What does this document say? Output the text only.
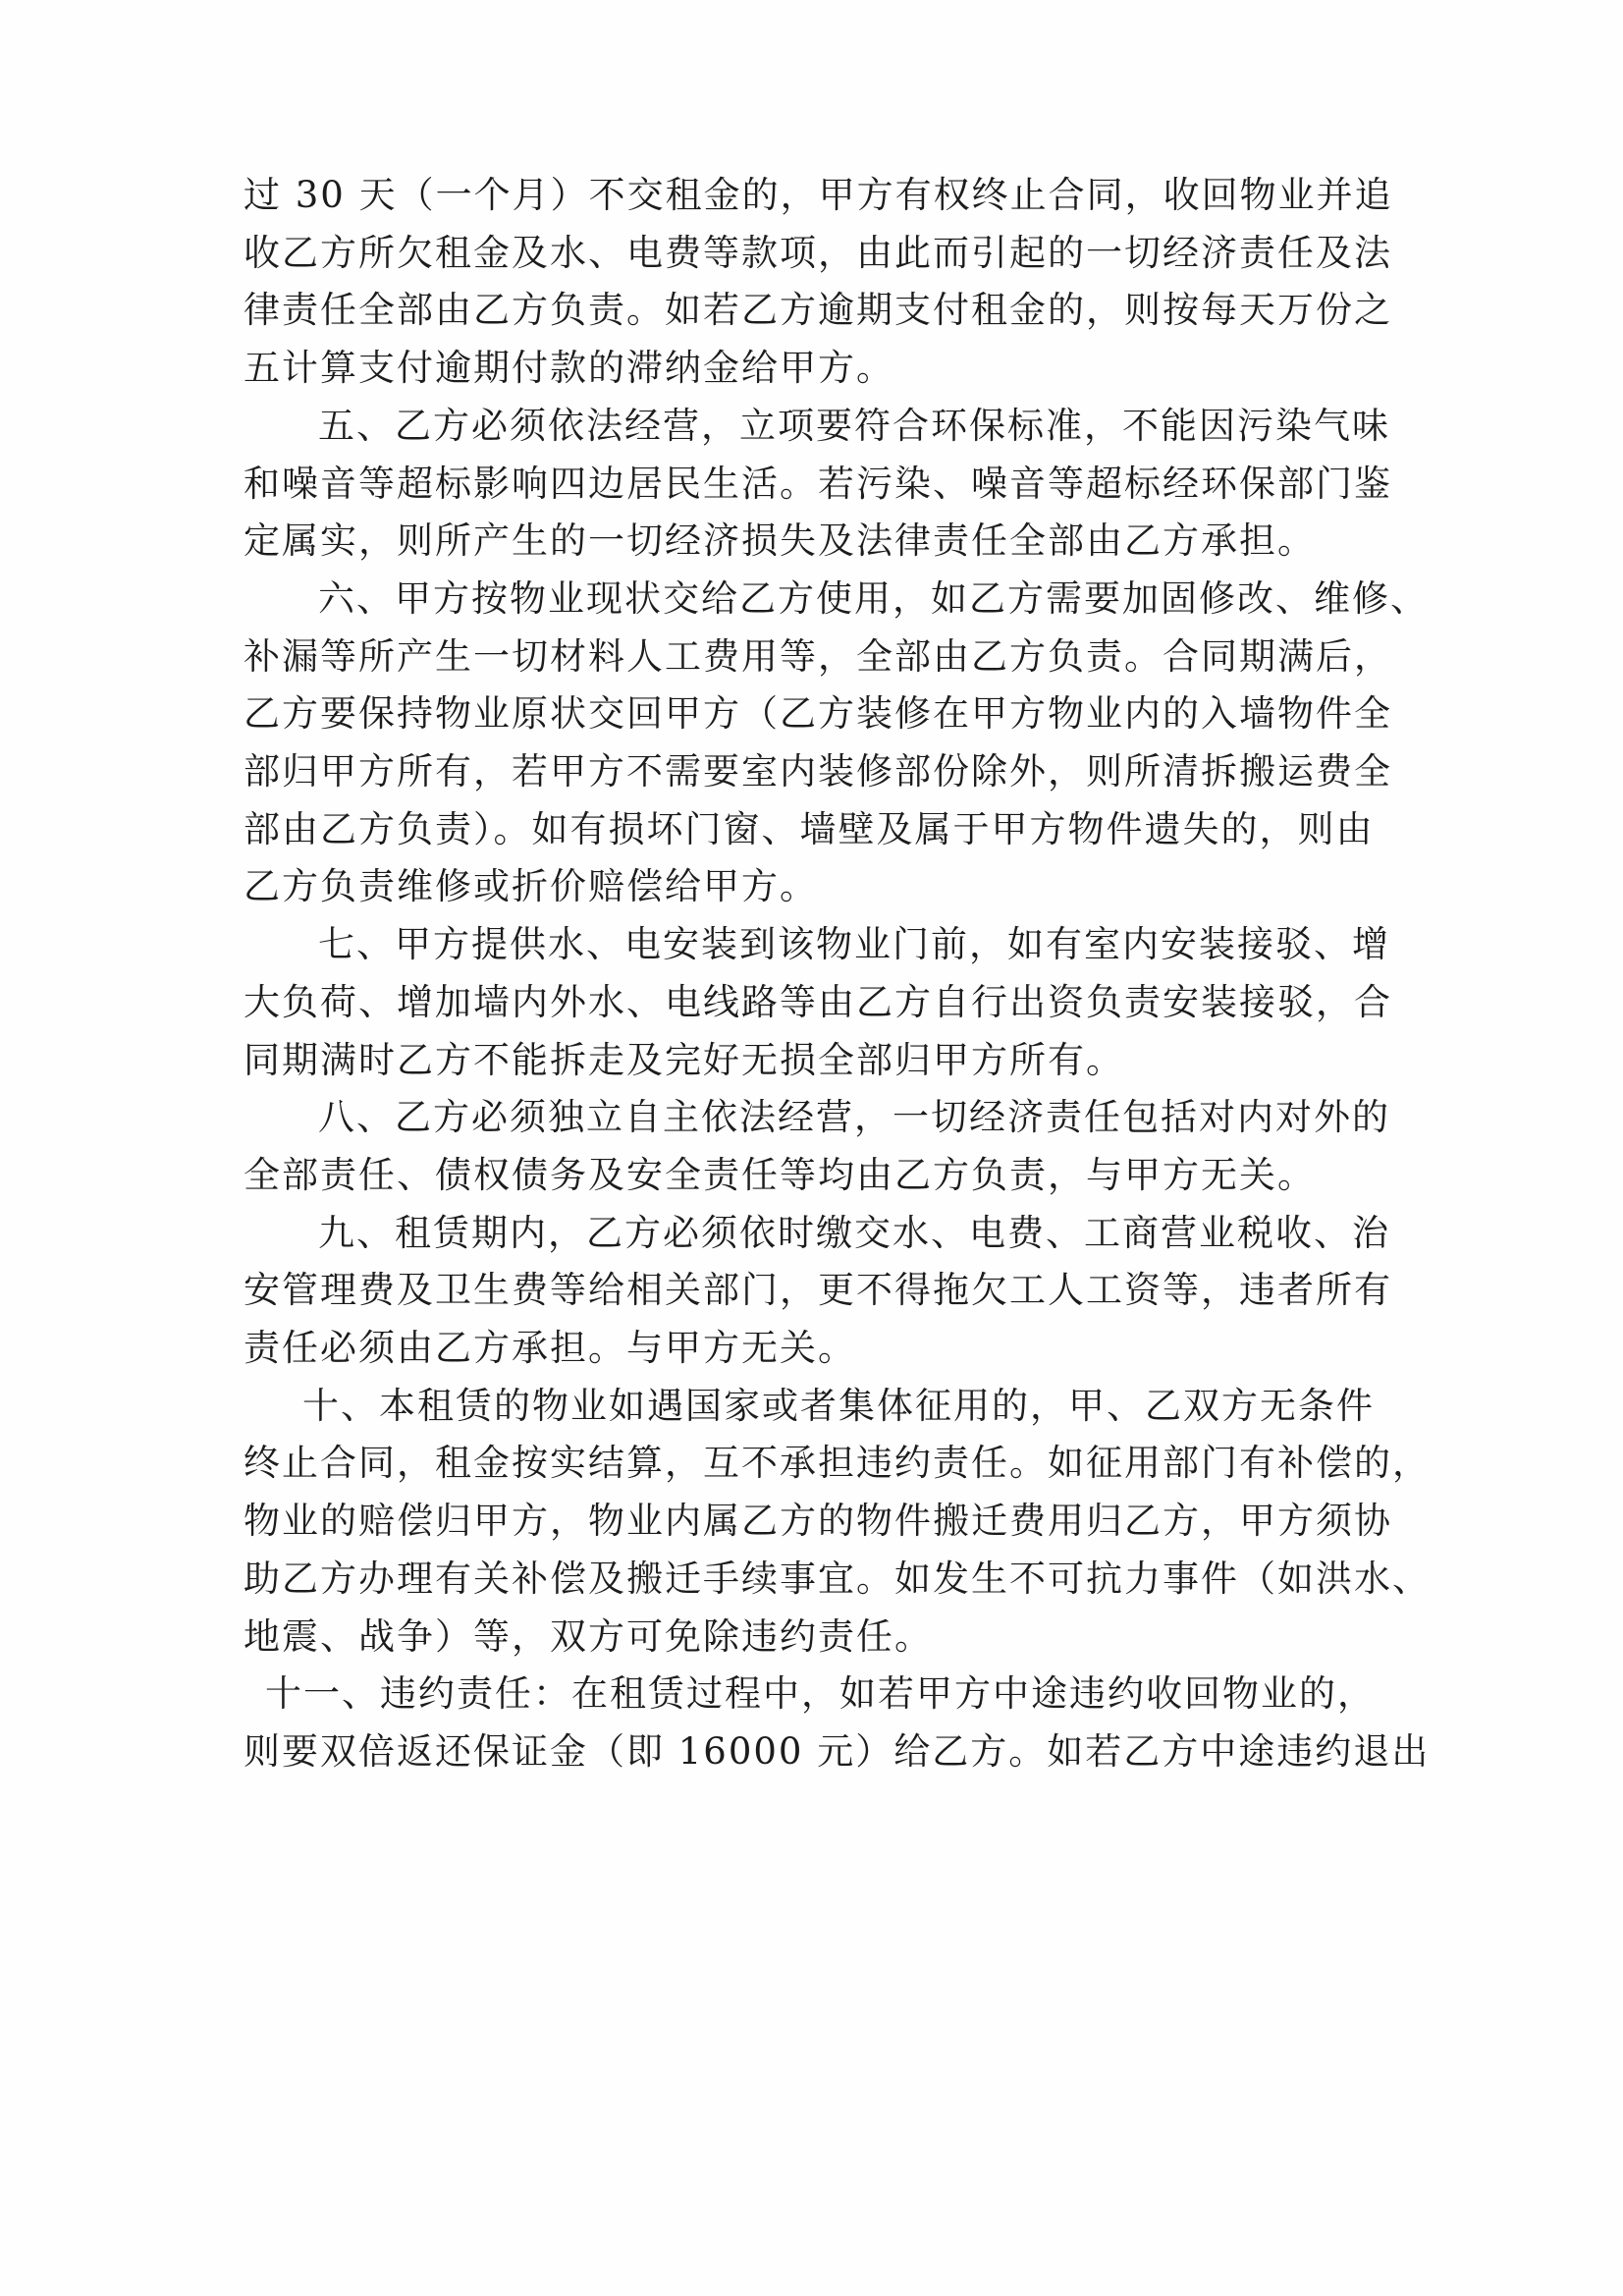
过 30 天（一个月）不交租金的，甲方有权终止合同，收回物业并追
收乙方所欠租金及水、电费等款项，由此而引起的一切经济责任及法
律责任全部由乙方负责。如若乙方逾期支付租金的，则按每天万份之
五计算支付逾期付款的滞纳金给甲方。

五、乙方必须依法经营，立项要符合环保标准，不能因污染气味
和噪音等超标影响四边居民生活。若污染、噪音等超标经环保部门鉴
定属实，则所产生的一切经济损失及法律责任全部由乙方承担。

六、甲方按物业现状交给乙方使用，如乙方需要加固修改、维修、
补漏等所产生一切材料人工费用等，全部由乙方负责。合同期满后，
乙方要保持物业原状交回甲方（乙方装修在甲方物业内的入墙物件全
部归甲方所有，若甲方不需要室内装修部份除外，则所清拆搬运费全
部由乙方负责）。如有损坏门窗、墙壁及属于甲方物件遗失的，则由
乙方负责维修或折价赔偿给甲方。

七、甲方提供水、电安装到该物业门前，如有室内安装接驳、增
大负荷、增加墙内外水、电线路等由乙方自行出资负责安装接驳，合
同期满时乙方不能拆走及完好无损全部归甲方所有。

八、乙方必须独立自主依法经营，一切经济责任包括对内对外的
全部责任、债权债务及安全责任等均由乙方负责，与甲方无关。

九、租赁期内，乙方必须依时缴交水、电费、工商营业税收、治
安管理费及卫生费等给相关部门，更不得拖欠工人工资等，违者所有
责任必须由乙方承担。与甲方无关。

十、本租赁的物业如遇国家或者集体征用的，甲、乙双方无条件
终止合同，租金按实结算，互不承担违约责任。如征用部门有补偿的，
物业的赔偿归甲方，物业内属乙方的物件搬迁费用归乙方，甲方须协
助乙方办理有关补偿及搬迁手续事宜。如发生不可抗力事件（如洪水、
地震、战争）等，双方可免除违约责任。

十一、违约责任：在租赁过程中，如若甲方中途违约收回物业的，
则要双倍返还保证金（即 16000 元）给乙方。如若乙方中途违约退出
